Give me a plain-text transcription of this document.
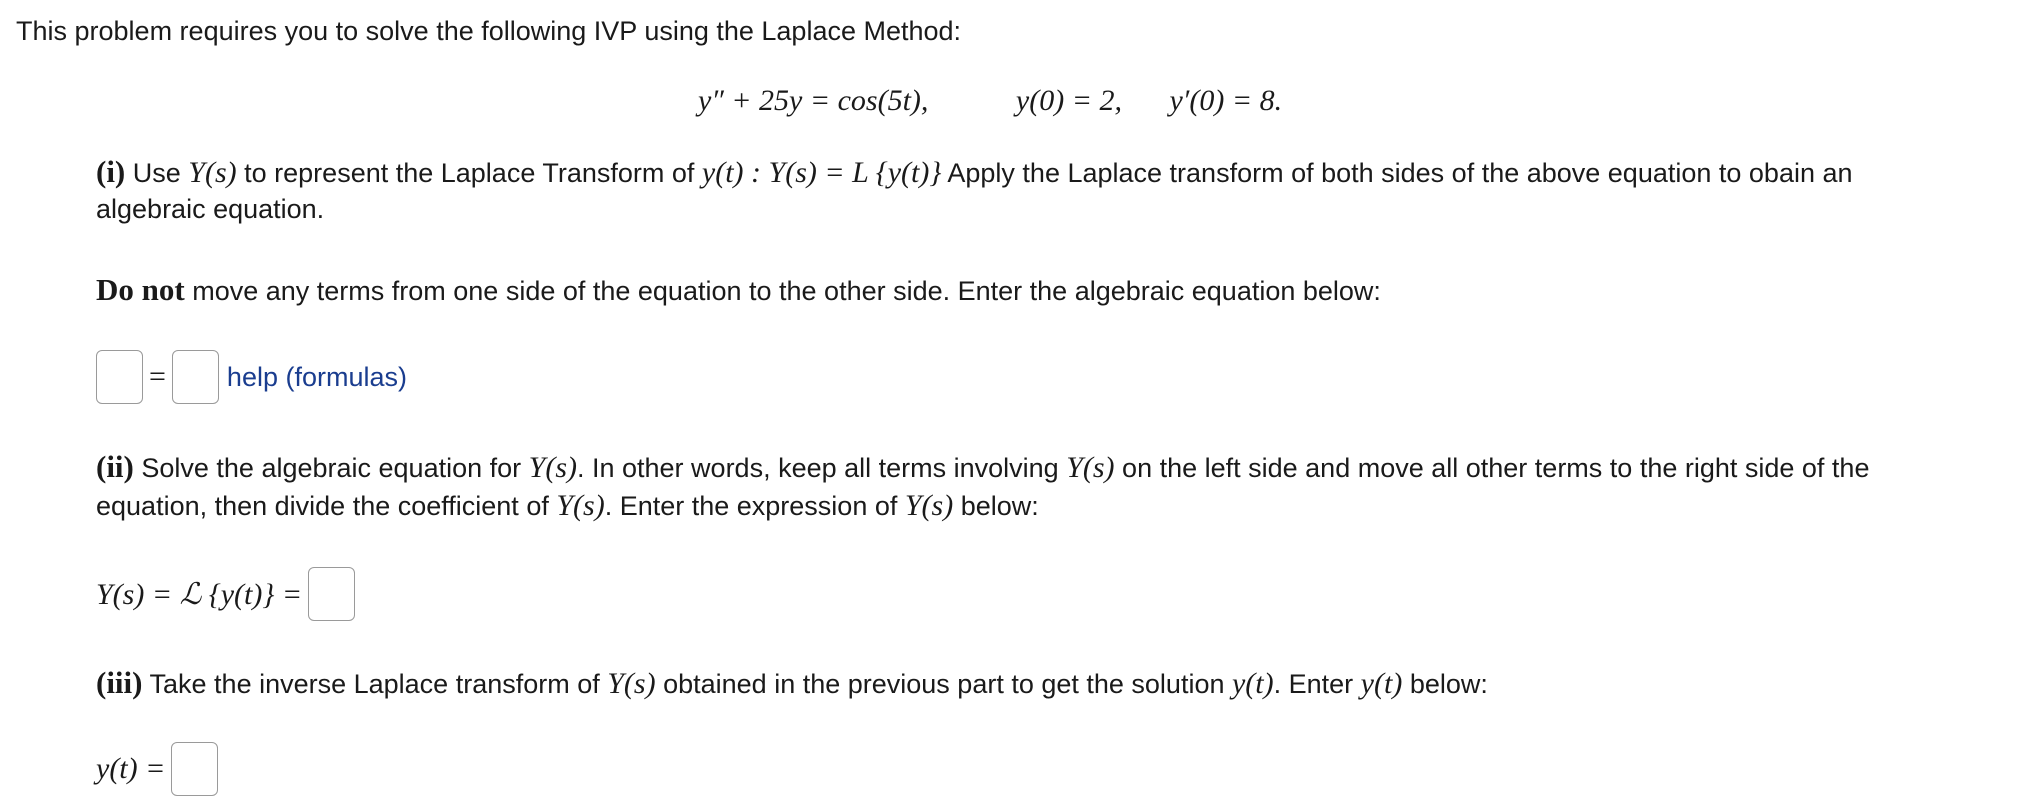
This problem requires you to solve the following IVP using the Laplace Method:
y″ + 25y = cos(5t),	y(0) = 2, y′(0) = 8.
(i) Use Y(s) to represent the Laplace Transform of y(t) : Y(s) = L {y(t)} Apply the Laplace transform of both sides of the above equation to obain an
algebraic equation.
Do not move any terms from one side of the equation to the other side. Enter the algebraic equation below:
= help (formulas)
(ii) Solve the algebraic equation for Y(s). In other words, keep all terms involving Y(s) on the left side and move all other terms to the right side of the
equation, then divide the coefficient of Y(s). Enter the expression of Y(s) below:
Y(s) = ℒ {y(t)} =
(iii) Take the inverse Laplace transform of Y(s) obtained in the previous part to get the solution y(t). Enter y(t) below:
y(t) =
